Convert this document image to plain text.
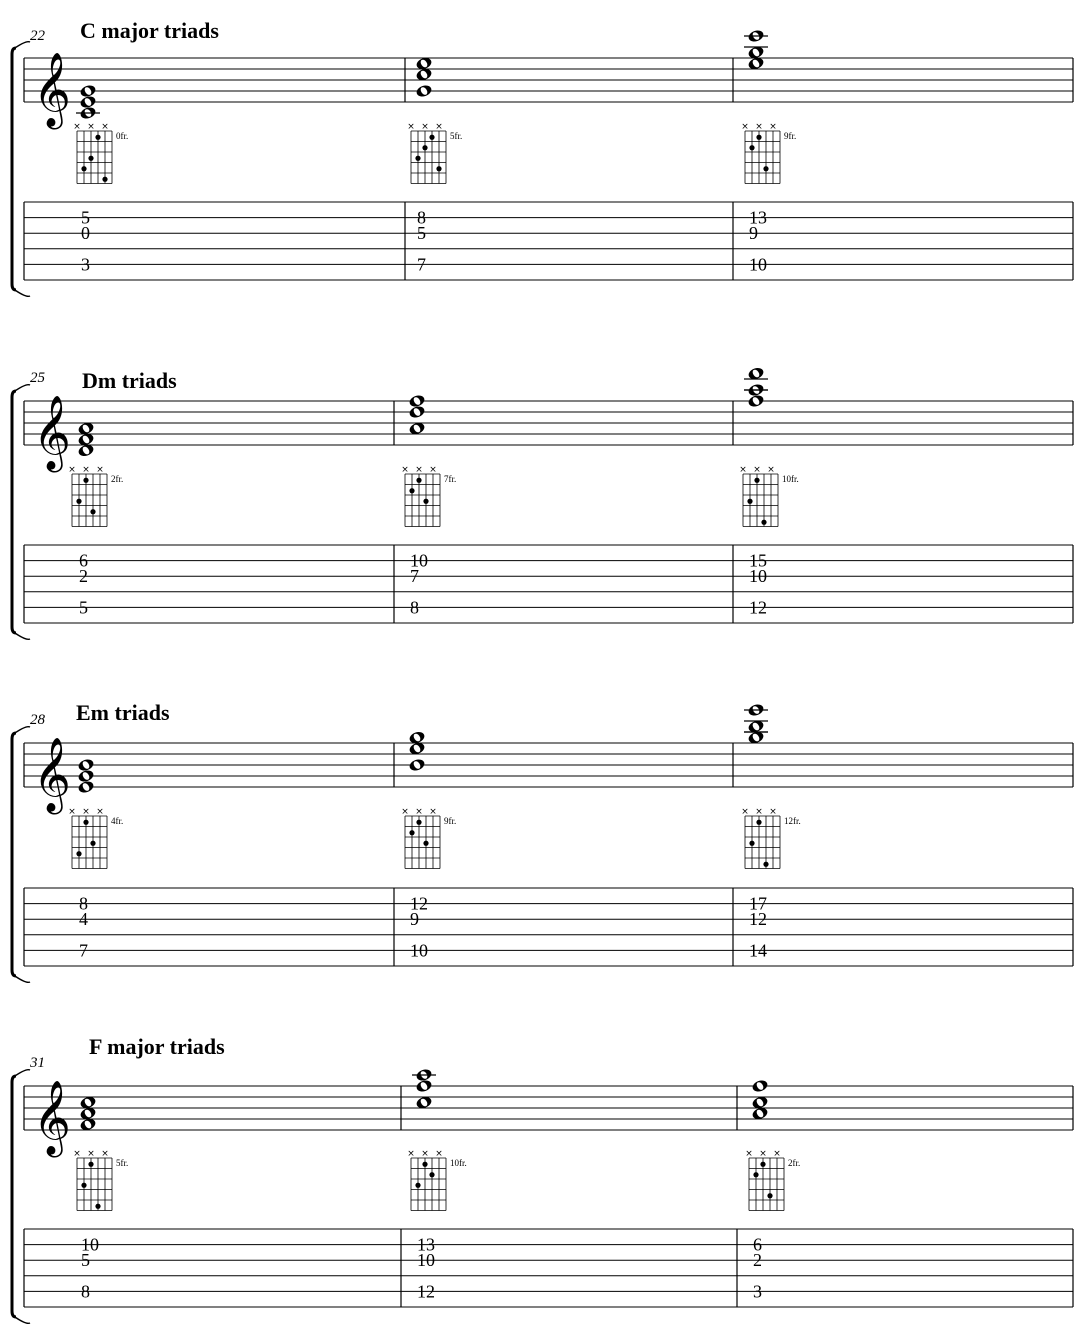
22 C major triads
𝄞 × × ×
0fr.
5
0
3
× × ×
5fr.
8
5
7
× × ×
9fr.
13
9
10
25 Dm triads
𝄞
× × ×
2fr.
6
2
5
× × ×
7fr.
10
7
8
× × ×
10fr.
15
10
12
28 Em triads
𝄞
× × ×
4fr.
8
4
7
× × ×
9fr.
12
9
10
× × ×
12fr.
17
12
14
31
F major triads
𝄞 × × ×
5fr.
10
5
8
× × ×
10fr.
13
10
12
× × ×
2fr.
6
2
3
